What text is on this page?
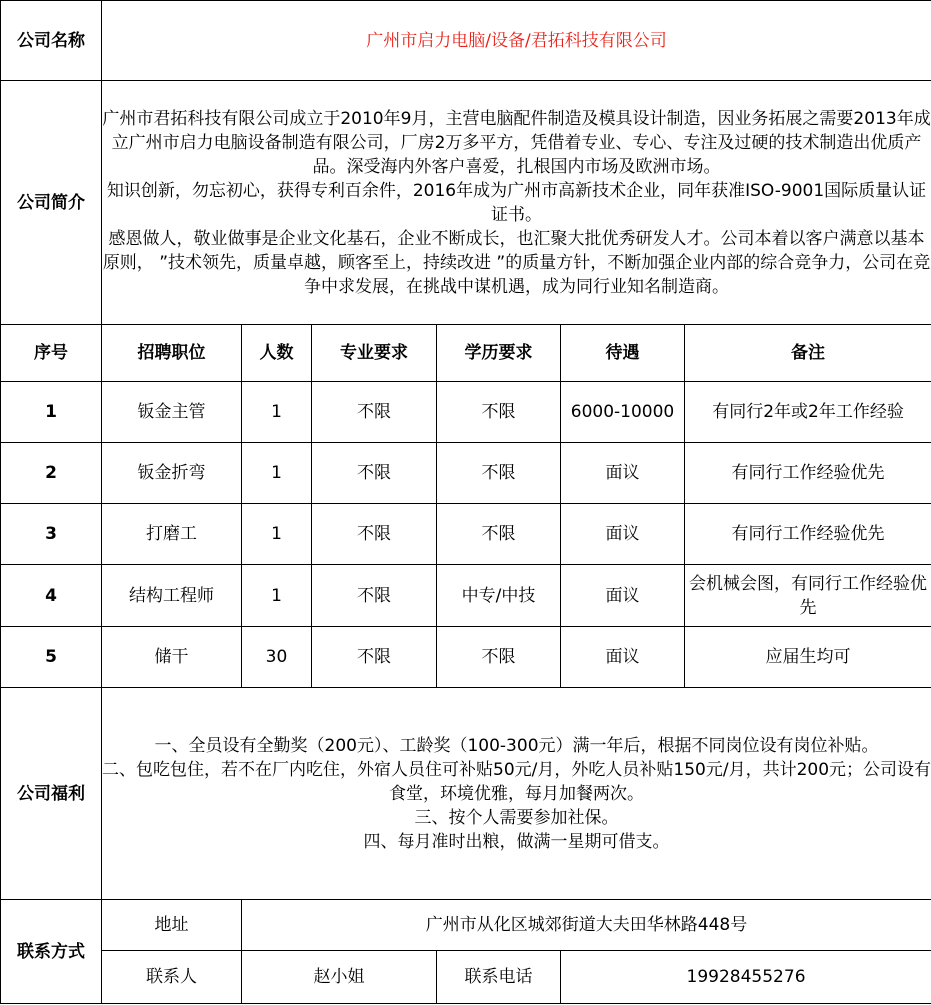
公司名称	广州市启力电脑/设备/君拓科技有限公司					
公司简介	广州市君拓科技有限公司成立于2010年9月，主营电脑配件制造及模具设计制造，因业务拓展之需要2013年成立广州市启力电脑设备制造有限公司，厂房2万多平方，凭借着专业、专心、专注及过硬的技术制造出优质产品。深受海内外客户喜爱，扎根国内市场及欧洲市场。
知识创新，勿忘初心，获得专利百余件，2016年成为广州市高新技术企业，同年获准ISO-9001国际质量认证证书。
感恩做人，敬业做事是企业文化基石，企业不断成长，也汇聚大批优秀研发人才。公司本着以客户满意以基本原则， ”技术领先，质量卓越，顾客至上，持续改进 ”的质量方针，不断加强企业内部的综合竞争力，公司在竞争中求发展，在挑战中谋机遇，成为同行业知名制造商。					

序号	招聘职位	人数	专业要求	学历要求	待遇	备注
1	钣金主管	1	不限	不限	6000-10000	有同行2年或2年工作经验
2	钣金折弯	1	不限	不限	面议	有同行工作经验优先
3	打磨工	1	不限	不限	面议	有同行工作经验优先
4	结构工程师	1	不限	中专/中技	面议	会机械会图，有同行工作经验优先
5	储干	30	不限	不限	面议	应届生均可
公司福利	一、全员设有全勤奖（200元）、工龄奖（100-300元）满一年后，根据不同岗位设有岗位补贴。
二、包吃包住，若不在厂内吃住，外宿人员住可补贴50元/月，外吃人员补贴150元/月，共计200元；公司设有食堂，环境优雅，每月加餐两次。
三、按个人需要参加社保。
四、每月准时出粮，做满一星期可借支。					

联系方式	地址	广州市从化区城郊街道大夫田华林路448号				
	联系人	赵小姐		联系电话	19928455276	
